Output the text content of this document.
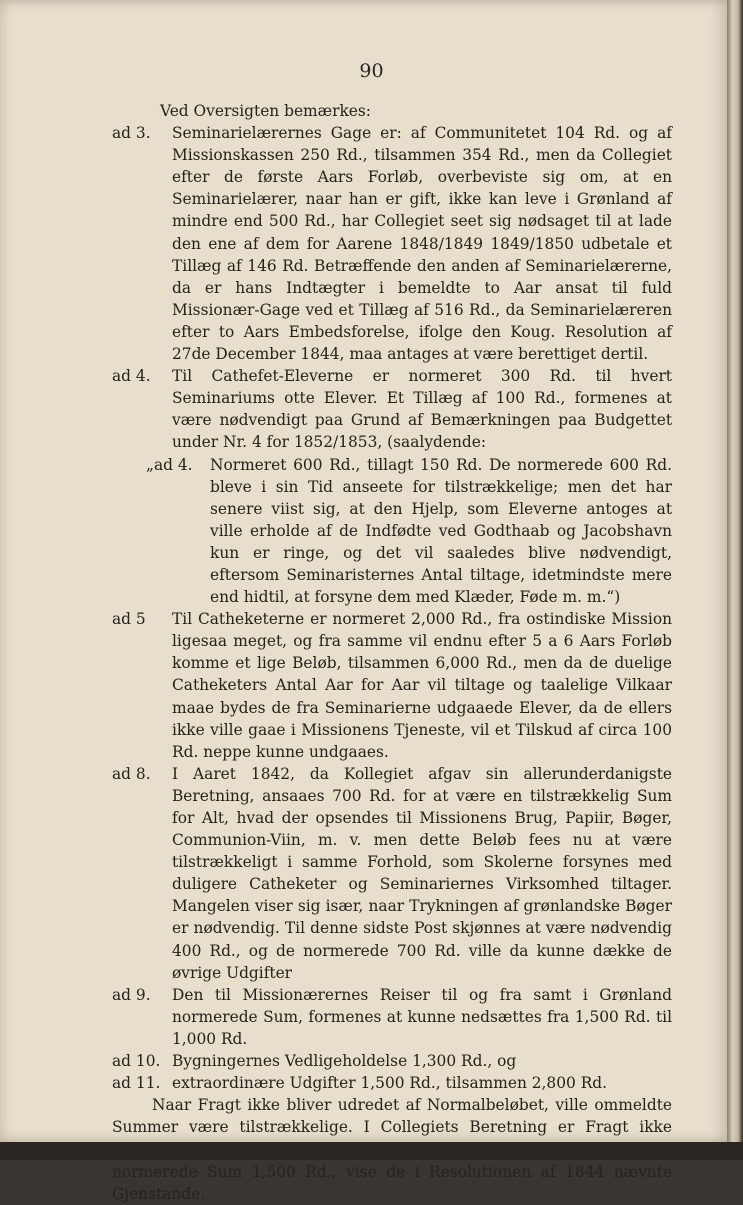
90

Ved Oversigten bemærkes:

ad 3.	Seminarielærernes Gage er: af Communitetet 104 Rd. og af Missionskassen 250 Rd., tilsammen 354 Rd., men da Collegiet efter de første Aars Forløb, overbeviste sig om, at en Seminarielærer, naar han er gift, ikke kan leve i Grønland af mindre end 500 Rd., har Collegiet seet sig nødsaget til at lade den ene af dem for Aarene 1848/1849 1849/1850 udbetale et Tillæg af 146 Rd. Betræffende den anden af Seminarielærerne, da er hans Indtægter i bemeldte to Aar ansat til fuld Missionær-Gage ved et Tillæg af 516 Rd., da Seminarielæreren efter to Aars Embedsforelse, ifolge den Koug. Resolution af 27de December 1844, maa antages at være berettiget dertil.
ad 4.	Til Cathefet-Eleverne er normeret 300 Rd. til hvert Seminariums otte Elever. Et Tillæg af 100 Rd., formenes at være nødvendigt paa Grund af Bemærkningen paa Budgettet under Nr. 4 for 1852/1853, (saalydende:
„ad 4.	Normeret 600 Rd., tillagt 150 Rd. De normerede 600 Rd. bleve i sin Tid anseete for tilstrækkelige; men det har senere viist sig, at den Hjelp, som Eleverne antoges at ville erholde af de Indfødte ved Godthaab og Jacobshavn kun er ringe, og det vil saaledes blive nødvendigt, eftersom Seminaristernes Antal tiltage, idetmindste mere end hidtil, at forsyne dem med Klæder, Føde m. m.“)
ad 5	Til Catheketerne er normeret 2,000 Rd., fra ostindiske Mission ligesaa meget, og fra samme vil endnu efter 5 a 6 Aars Forløb komme et lige Beløb, tilsammen 6,000 Rd., men da de duelige Catheketers Antal Aar for Aar vil tiltage og taalelige Vilkaar maae bydes de fra Seminarierne udgaaede Elever, da de ellers ikke ville gaae i Missionens Tjeneste, vil et Tilskud af circa 100 Rd. neppe kunne undgaaes.
ad 8.	I Aaret 1842, da Kollegiet afgav sin allerunderdanigste Beretning, ansaaes 700 Rd. for at være en tilstrækkelig Sum for Alt, hvad der opsendes til Missionens Brug, Papiir, Bøger, Communion-Viin, m. v. men dette Beløb fees nu at være tilstrækkeligt i samme Forhold, som Skolerne forsynes med duligere Catheketer og Seminariernes Virksomhed tiltager. Mangelen viser sig især, naar Trykningen af grønlandske Bøger er nødvendig. Til denne sidste Post skjønnes at være nødvendig 400 Rd., og de normerede 700 Rd. ville da kunne dække de øvrige Udgifter
ad 9.	Den til Missionærernes Reiser til og fra samt i Grønland normerede Sum, formenes at kunne nedsættes fra 1,500 Rd. til 1,000 Rd.
ad 10. Bygningernes Vedligeholdelse 1,300 Rd., og
ad 11. extraordinære Udgifter 1,500 Rd., tilsammen 2,800 Rd.

Naar Fragt ikke bliver udredet af Normalbeløbet, ville ommeldte Summer være tilstrækkelige. I Collegiets Beretning er Fragt ikke normerede Sum 1,500 Rd., vise de i Resolutionen af 1844 nævnte Gjenstande.
